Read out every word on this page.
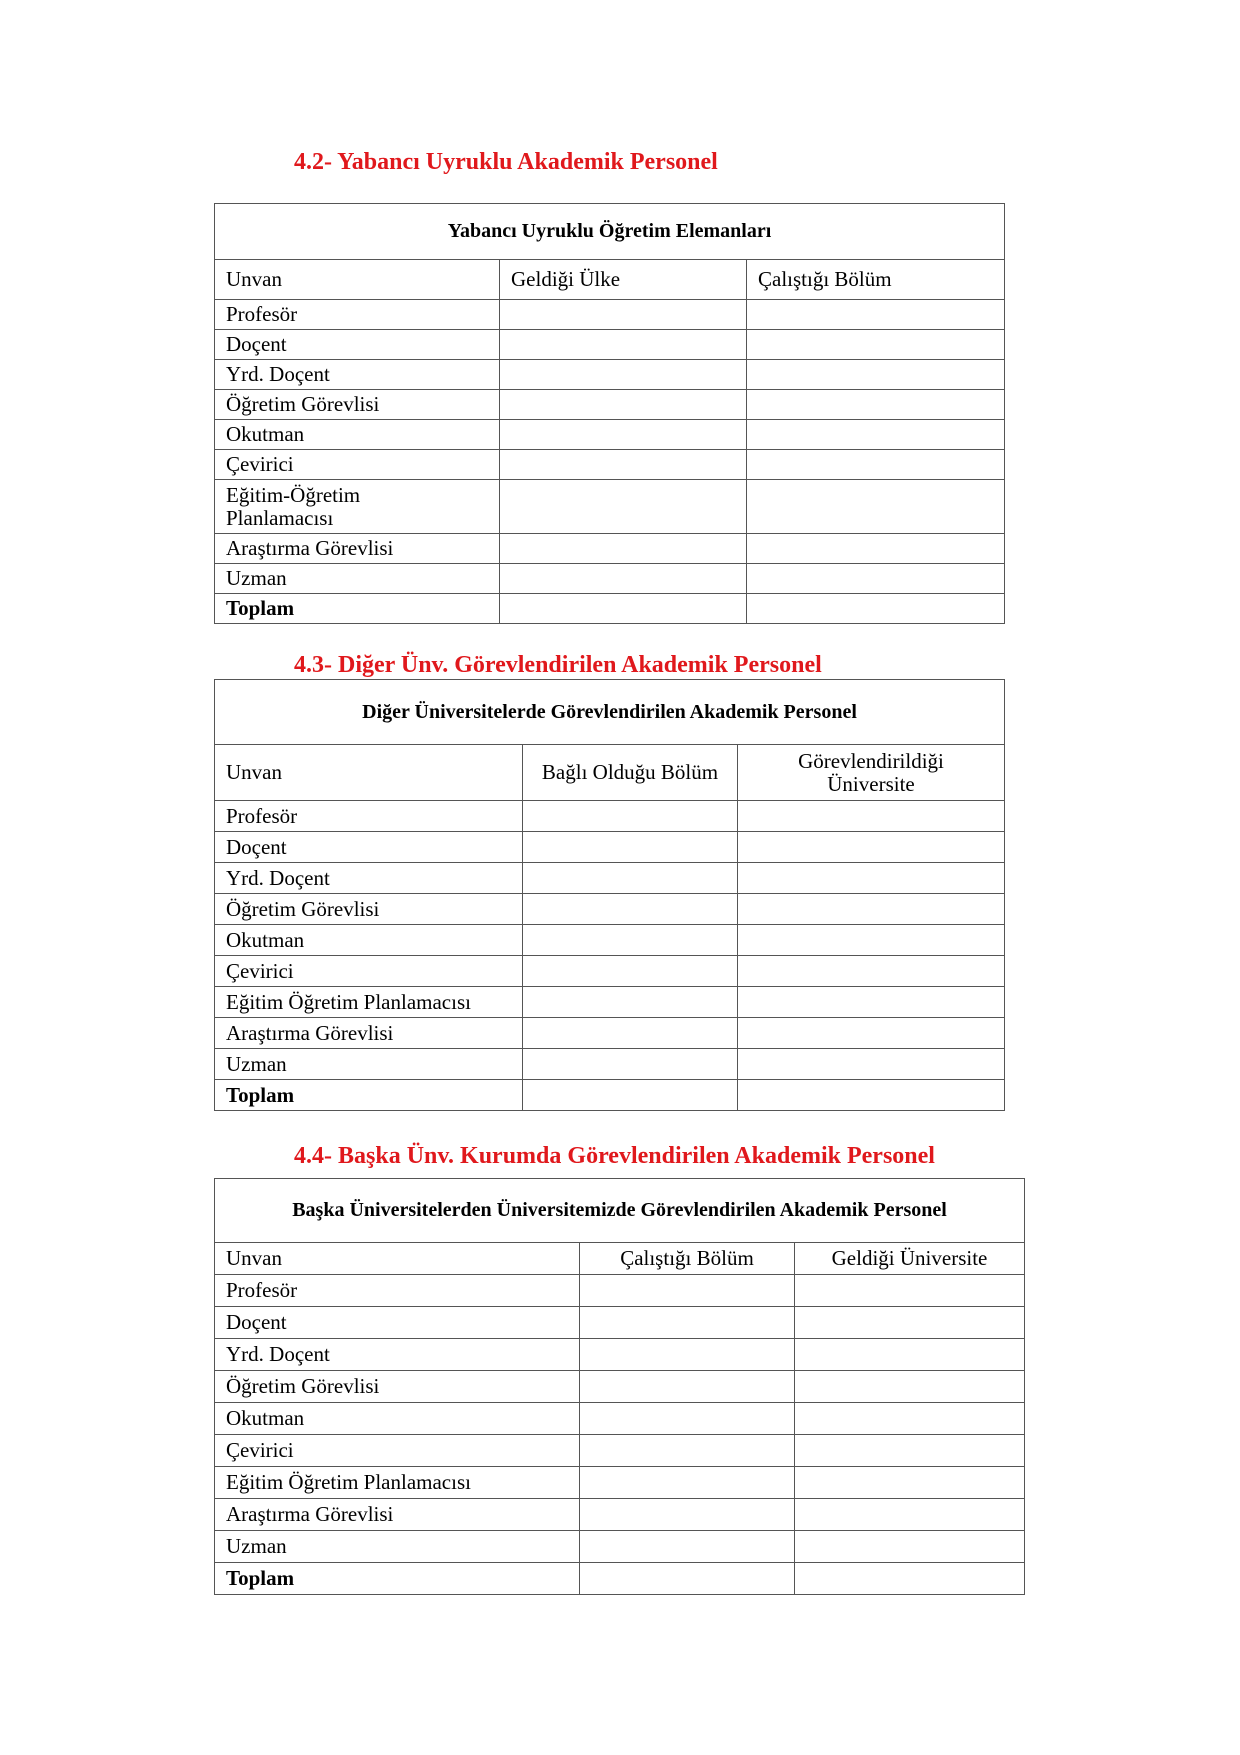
4.2- Yabancı Uyruklu Akademik Personel
Yabancı Uyruklu Öğretim Elemanları		
Unvan	Geldiği Ülke	Çalıştığı Bölüm
Profesör		
Doçent		
Yrd. Doçent		
Öğretim Görevlisi		
Okutman		
Çevirici		
Eğitim-Öğretim Planlamacısı		
Araştırma Görevlisi		
Uzman		
Toplam		
4.3- Diğer Ünv. Görevlendirilen Akademik Personel
Diğer Üniversitelerde Görevlendirilen Akademik Personel		
Unvan	Bağlı Olduğu Bölüm	Görevlendirildiği Üniversite
Profesör		
Doçent		
Yrd. Doçent		
Öğretim Görevlisi		
Okutman		
Çevirici		
Eğitim Öğretim Planlamacısı		
Araştırma Görevlisi		
Uzman		
Toplam		
4.4- Başka Ünv. Kurumda Görevlendirilen Akademik Personel
Başka Üniversitelerden Üniversitemizde Görevlendirilen Akademik Personel		
Unvan	Çalıştığı Bölüm	Geldiği Üniversite
Profesör		
Doçent		
Yrd. Doçent		
Öğretim Görevlisi		
Okutman		
Çevirici		
Eğitim Öğretim Planlamacısı		
Araştırma Görevlisi		
Uzman		
Toplam		
